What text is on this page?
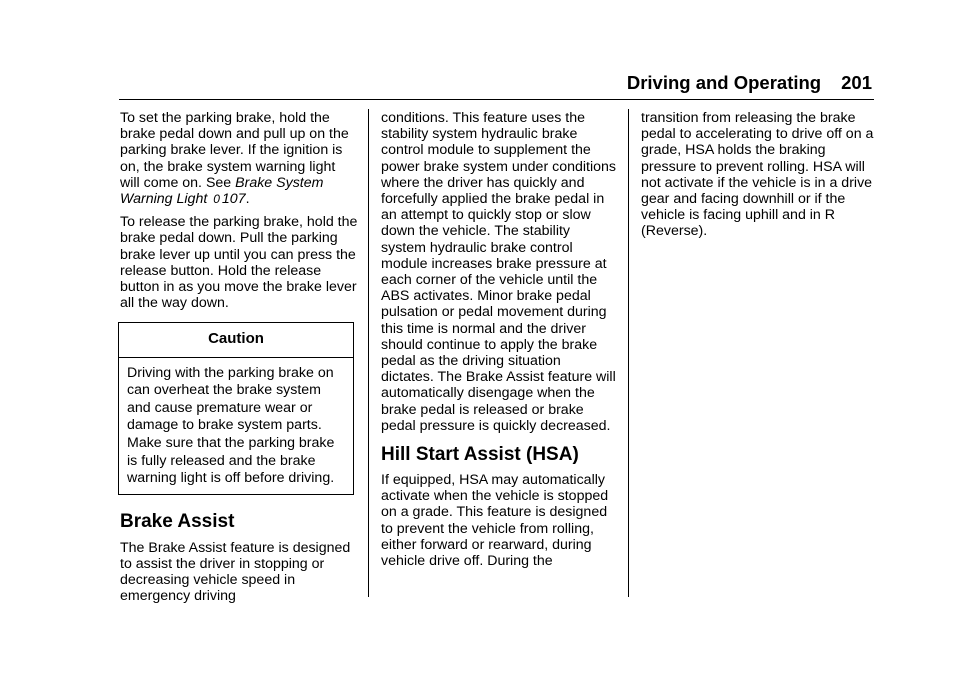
Driving and Operating 201

To set the parking brake, hold the brake pedal down and pull up on the parking brake lever. If the ignition is on, the brake system warning light will come on. See Brake System Warning Light 0 107.

To release the parking brake, hold the brake pedal down. Pull the parking brake lever up until you can press the release button. Hold the release button in as you move the brake lever all the way down.

Caution
Driving with the parking brake on can overheat the brake system and cause premature wear or damage to brake system parts. Make sure that the parking brake is fully released and the brake warning light is off before driving.
Brake Assist

The Brake Assist feature is designed to assist the driver in stopping or decreasing vehicle speed in emergency driving

conditions. This feature uses the stability system hydraulic brake control module to supplement the power brake system under conditions where the driver has quickly and forcefully applied the brake pedal in an attempt to quickly stop or slow down the vehicle. The stability system hydraulic brake control module increases brake pressure at each corner of the vehicle until the ABS activates. Minor brake pedal pulsation or pedal movement during this time is normal and the driver should continue to apply the brake pedal as the driving situation dictates. The Brake Assist feature will automatically disengage when the brake pedal is released or brake pedal pressure is quickly decreased.

Hill Start Assist (HSA)

If equipped, HSA may automatically activate when the vehicle is stopped on a grade. This feature is designed to prevent the vehicle from rolling, either forward or rearward, during vehicle drive off. During the

transition from releasing the brake pedal to accelerating to drive off on a grade, HSA holds the braking pressure to prevent rolling. HSA will not activate if the vehicle is in a drive gear and facing downhill or if the vehicle is facing uphill and in R (Reverse).
